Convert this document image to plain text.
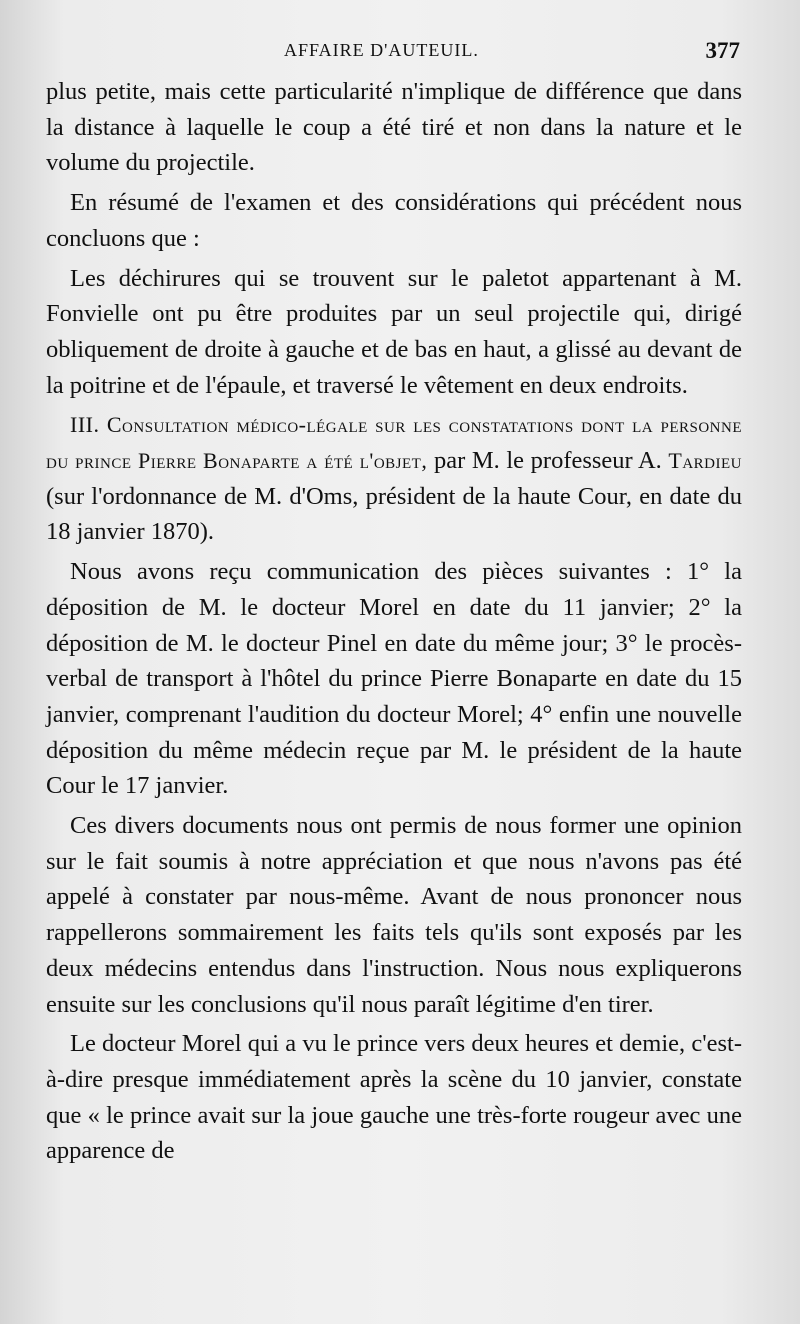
AFFAIRE D'AUTEUIL.	377

plus petite, mais cette particularité n'implique de différence que dans la distance à laquelle le coup a été tiré et non dans la nature et le volume du projectile.

En résumé de l'examen et des considérations qui précédent nous concluons que :

Les déchirures qui se trouvent sur le paletot appartenant à M. Fonvielle ont pu être produites par un seul projectile qui, dirigé obliquement de droite à gauche et de bas en haut, a glissé au devant de la poitrine et de l'épaule, et traversé le vêtement en deux endroits.

III. Consultation médico-légale sur les constatations dont la personne du prince Pierre Bonaparte a été l'objet, par M. le professeur A. Tardieu (sur l'ordonnance de M. d'Oms, président de la haute Cour, en date du 18 janvier 1870).

Nous avons reçu communication des pièces suivantes : 1° la déposition de M. le docteur Morel en date du 11 janvier; 2° la déposition de M. le docteur Pinel en date du même jour; 3° le procès-verbal de transport à l'hôtel du prince Pierre Bonaparte en date du 15 janvier, comprenant l'audition du docteur Morel; 4° enfin une nouvelle déposition du même médecin reçue par M. le président de la haute Cour le 17 janvier.

Ces divers documents nous ont permis de nous former une opinion sur le fait soumis à notre appréciation et que nous n'avons pas été appelé à constater par nous-même. Avant de nous prononcer nous rappellerons sommairement les faits tels qu'ils sont exposés par les deux médecins entendus dans l'instruction. Nous nous expliquerons ensuite sur les conclusions qu'il nous paraît légitime d'en tirer.

Le docteur Morel qui a vu le prince vers deux heures et demie, c'est-à-dire presque immédiatement après la scène du 10 janvier, constate que « le prince avait sur la joue gauche une très-forte rougeur avec une apparence de
